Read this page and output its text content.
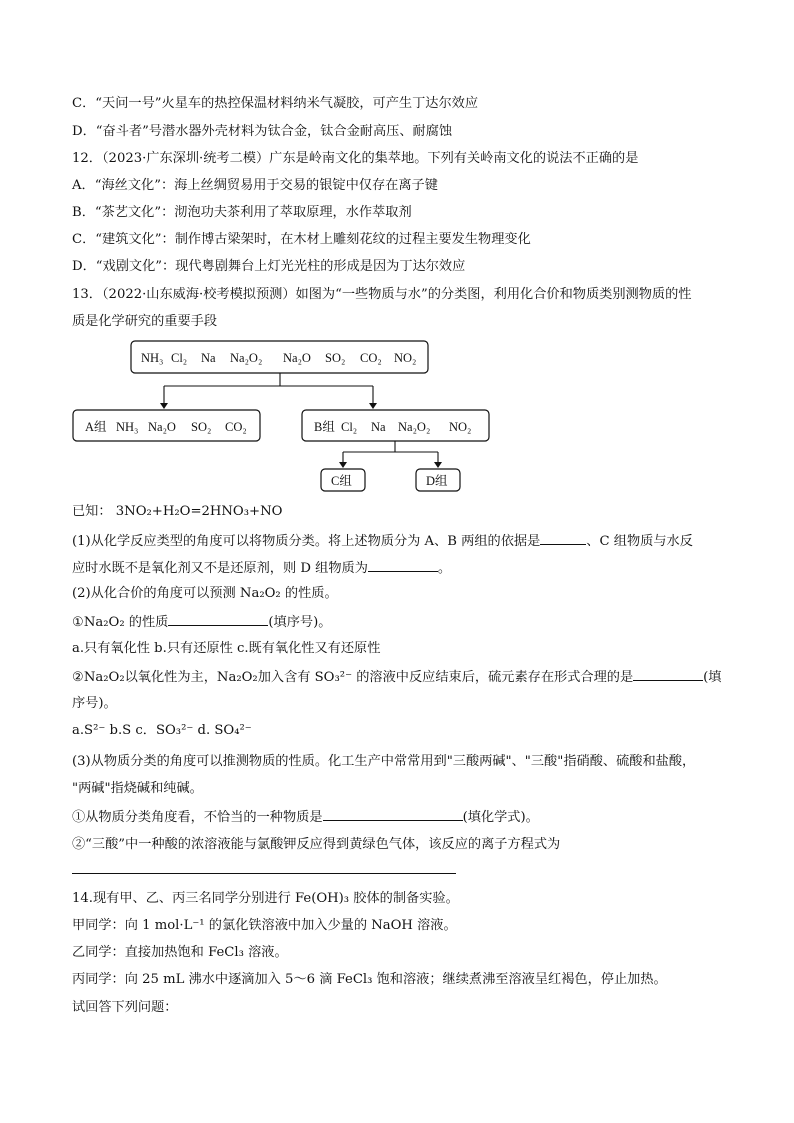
C．“天问一号”火星车的热控保温材料纳米气凝胶，可产生丁达尔效应
D．“奋斗者”号潜水器外壳材料为钛合金，钛合金耐高压、耐腐蚀
12．（2023·广东深圳·统考二模）广东是岭南文化的集萃地。下列有关岭南文化的说法不正确的是
A．“海丝文化”：海上丝绸贸易用于交易的银锭中仅存在离子键
B．“茶艺文化”：沏泡功夫茶利用了萃取原理，水作萃取剂
C．“建筑文化”：制作博古梁架时，在木材上雕刻花纹的过程主要发生物理变化
D．“戏剧文化”：现代粤剧舞台上灯光光柱的形成是因为丁达尔效应
13．（2022·山东威海·校考模拟预测）如图为“一些物质与水”的分类图，利用化合价和物质类别测物质的性
质是化学研究的重要手段
NH₃ Cl₂ Na Na₂O₂ Na₂O SO₂ CO₂ NO₂
A组 NH₃ Na₂O SO₂ CO₂	B组 Cl₂ Na Na₂O₂ NO₂
C组	D组
已知： 3NO₂+H₂O=2HNO₃+NO
(1)从化学反应类型的角度可以将物质分类。将上述物质分为 A、B 两组的依据是	、C 组物质与水反
应时水既不是氧化剂又不是还原剂，则 D 组物质为	。
(2)从化合价的角度可以预测 Na₂O₂ 的性质。
①Na₂O₂ 的性质	(填序号)。
a.只有氧化性 b.只有还原性 c.既有氧化性又有还原性
②Na₂O₂以氧化性为主，Na₂O₂加入含有 SO₃²⁻ 的溶液中反应结束后，硫元素存在形式合理的是	(填
序号)。
a.S²⁻ b.S c．SO₃²⁻ d. SO₄²⁻
(3)从物质分类的角度可以推测物质的性质。化工生产中常常用到"三酸两碱"、"三酸"指硝酸、硫酸和盐酸，
"两碱"指烧碱和纯碱。
①从物质分类角度看，不恰当的一种物质是	(填化学式)。
②“三酸”中一种酸的浓溶液能与氯酸钾反应得到黄绿色气体，该反应的离子方程式为
14.现有甲、乙、丙三名同学分别进行 Fe(OH)₃ 胶体的制备实验。
甲同学：向 1 mol·L⁻¹ 的氯化铁溶液中加入少量的 NaOH 溶液。
乙同学：直接加热饱和 FeCl₃ 溶液。
丙同学：向 25 mL 沸水中逐滴加入 5～6 滴 FeCl₃ 饱和溶液；继续煮沸至溶液呈红褐色，停止加热。
试回答下列问题：
